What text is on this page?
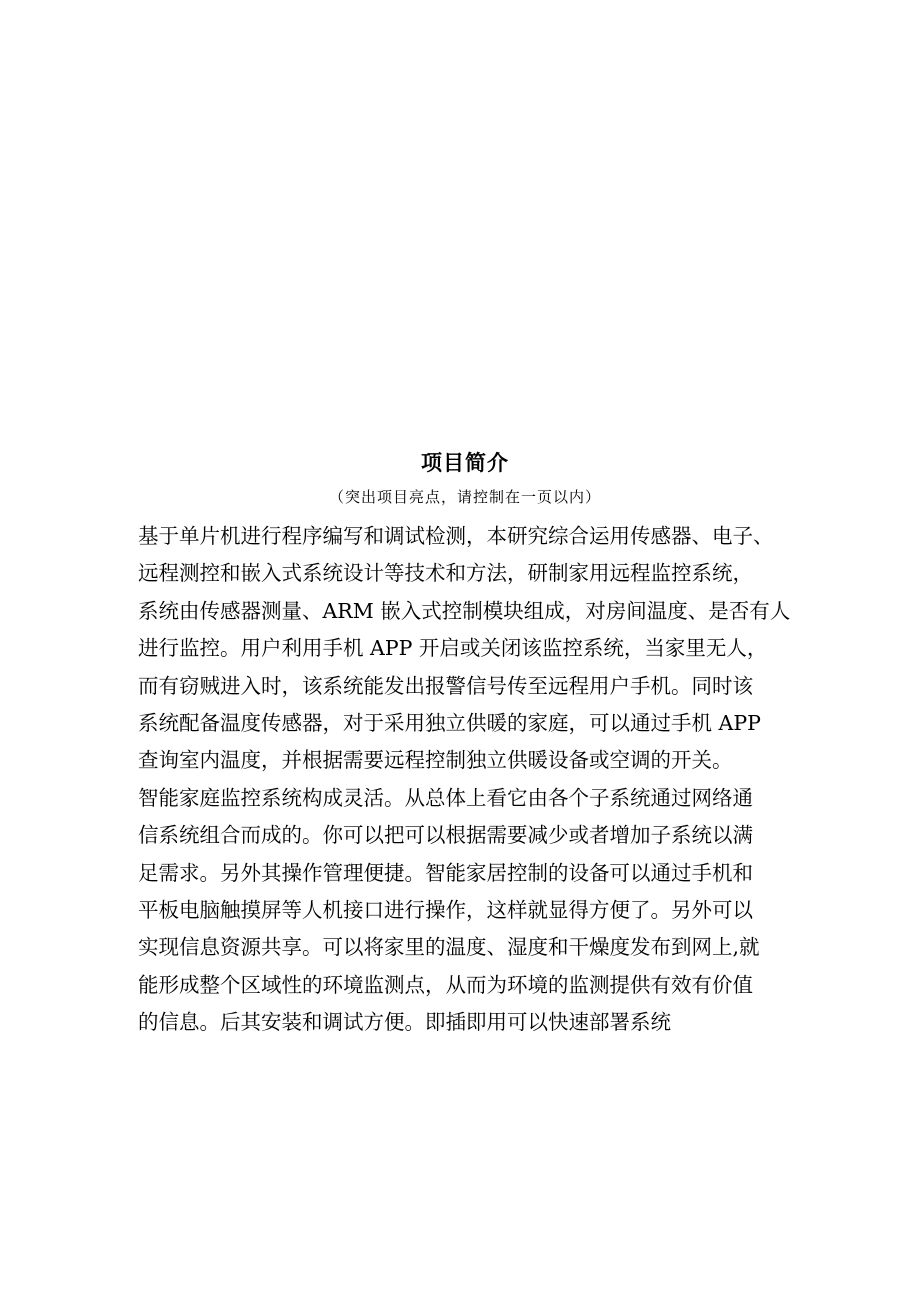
项目简介
（突出项目亮点，请控制在一页以内）
基于单片机进行程序编写和调试检测，本研究综合运用传感器、电子、
远程测控和嵌入式系统设计等技术和方法，研制家用远程监控系统，
系统由传感器测量、ARM 嵌入式控制模块组成，对房间温度、是否有人
进行监控。用户利用手机 APP 开启或关闭该监控系统，当家里无人，
而有窃贼进入时，该系统能发出报警信号传至远程用户手机。同时该
系统配备温度传感器，对于采用独立供暖的家庭，可以通过手机 APP
查询室内温度，并根据需要远程控制独立供暖设备或空调的开关。
智能家庭监控系统构成灵活。从总体上看它由各个子系统通过网络通
信系统组合而成的。你可以把可以根据需要减少或者增加子系统以满
足需求。另外其操作管理便捷。智能家居控制的设备可以通过手机和
平板电脑触摸屏等人机接口进行操作，这样就显得方便了。另外可以
实现信息资源共享。可以将家里的温度、湿度和干燥度发布到网上,就
能形成整个区域性的环境监测点，从而为环境的监测提供有效有价值
的信息。后其安装和调试方便。即插即用可以快速部署系统
